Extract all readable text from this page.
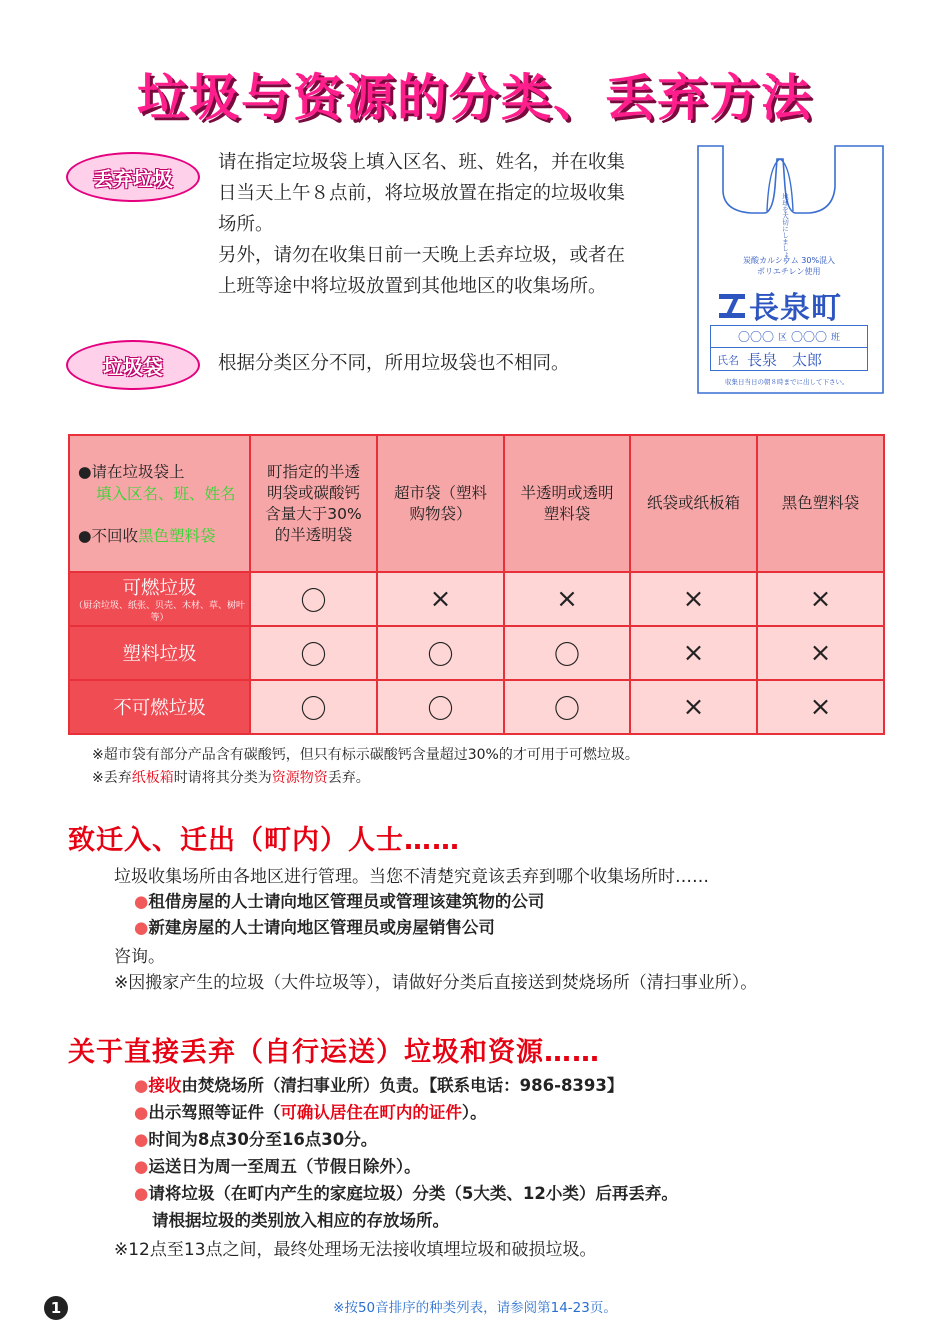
垃圾与资源的分类、丢弃方法
丢弃垃圾
请在指定垃圾袋上填入区名、班、姓名，并在收集
日当天上午８点前，将垃圾放置在指定的垃圾收集
场所。
另外，请勿在收集日前一天晚上丢弃垃圾，或者在
上班等途中将垃圾放置到其他地区的收集场所。
垃圾袋	根据分类区分不同，所用垃圾袋也不相同。
地球を大切にしましょう
炭酸カルシウム 30%混入
ポリエチレン使用
長泉町
〇〇〇 区 〇〇〇 班
氏名 長泉　太郎
収集日当日の朝８時までに出して下さい。
●请在垃圾袋上
填入区名、班、姓名
●不回收黑色塑料袋	町指定的半透明袋或碳酸钙含量大于30%的半透明袋	超市袋（塑料购物袋）	半透明或透明塑料袋	纸袋或纸板箱	黑色塑料袋

可燃垃圾
（厨余垃圾、纸张、贝壳、木材、草、树叶等）	〇	×	×	×	×
塑料垃圾	〇	〇	〇	×	×
不可燃垃圾	〇	〇	〇	×	×
※超市袋有部分产品含有碳酸钙，但只有标示碳酸钙含量超过30%的才可用于可燃垃圾。
※丢弃纸板箱时请将其分类为资源物资丢弃。
致迁入、迁出（町内）人士……
垃圾收集场所由各地区进行管理。当您不清楚究竟该丢弃到哪个收集场所时……
●租借房屋的人士请向地区管理员或管理该建筑物的公司
●新建房屋的人士请向地区管理员或房屋销售公司
咨询。
※因搬家产生的垃圾（大件垃圾等），请做好分类后直接送到焚烧场所（清扫事业所）。
关于直接丢弃（自行运送）垃圾和资源……
●接收由焚烧场所（清扫事业所）负责。【联系电话：986-8393】
●出示驾照等证件（可确认居住在町内的证件）。
●时间为8点30分至16点30分。
●运送日为周一至周五（节假日除外）。
●请将垃圾（在町内产生的家庭垃圾）分类（5大类、12小类）后再丢弃。
请根据垃圾的类别放入相应的存放场所。
※12点至13点之间，最终处理场无法接收填埋垃圾和破损垃圾。
1	※按50音排序的种类列表，请参阅第14-23页。
